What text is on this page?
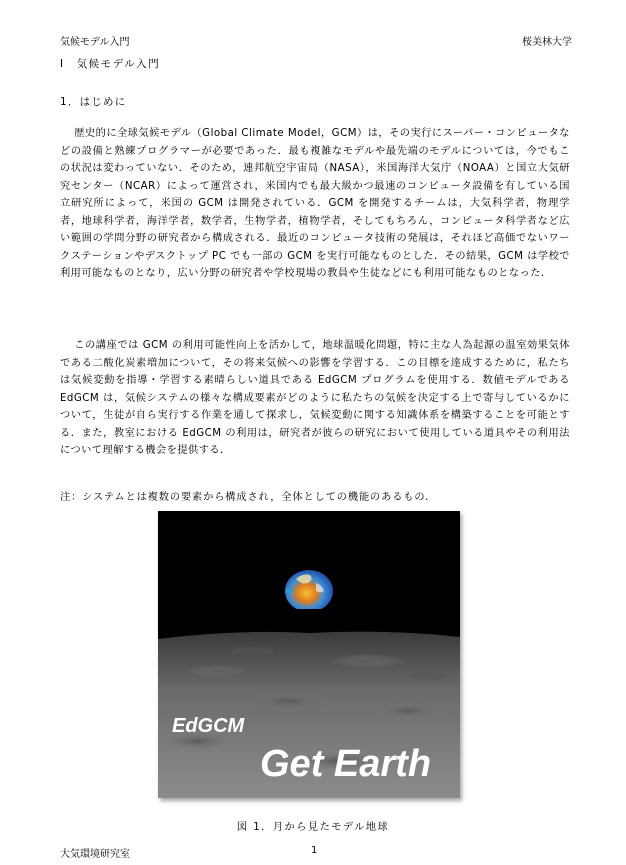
気候モデル入門	桜美林大学
Ⅰ　気候モデル入門
1．はじめに
歴史的に全球気候モデル（Global Climate Model，GCM）は，その実行にスーパー・コンピュータなどの設備と熟練プログラマーが必要であった．最も複雑なモデルや最先端のモデルについては，今でもこの状況は変わっていない．そのため，連邦航空宇宙局（NASA），米国海洋大気庁（NOAA）と国立大気研究センター（NCAR）によって運営され，米国内でも最大級かつ最速のコンピュータ設備を有している国立研究所によって，米国の GCM は開発されている．GCM を開発するチームは，大気科学者，物理学者，地球科学者，海洋学者，数学者，生物学者，植物学者，そしてもちろん，コンピュータ科学者など広い範囲の学問分野の研究者から構成される．最近のコンピュータ技術の発展は，それほど高価でないワークステーションやデスクトップ PC でも一部の GCM を実行可能なものとした．その結果，GCM は学校で利用可能なものとなり，広い分野の研究者や学校現場の教員や生徒などにも利用可能なものとなった．
この講座では GCM の利用可能性向上を活かして，地球温暖化問題，特に主な人為起源の温室効果気体である二酸化炭素増加について，その将来気候への影響を学習する．この目標を達成するために，私たちは気候変動を指導・学習する素晴らしい道具である EdGCM プログラムを使用する．数値モデルである EdGCM は，気候システムの様々な構成要素がどのように私たちの気候を決定する上で寄与しているかについて，生徒が自ら実行する作業を通して探求し，気候変動に関する知識体系を構築することを可能とする．また，教室における EdGCM の利用は，研究者が彼らの研究において使用している道具やその利用法について理解する機会を提供する．
注：システムとは複数の要素から構成され，全体としての機能のあるもの．
EdGCM
Get Earth
図 1．月から見たモデル地球
大気環境研究室	1
